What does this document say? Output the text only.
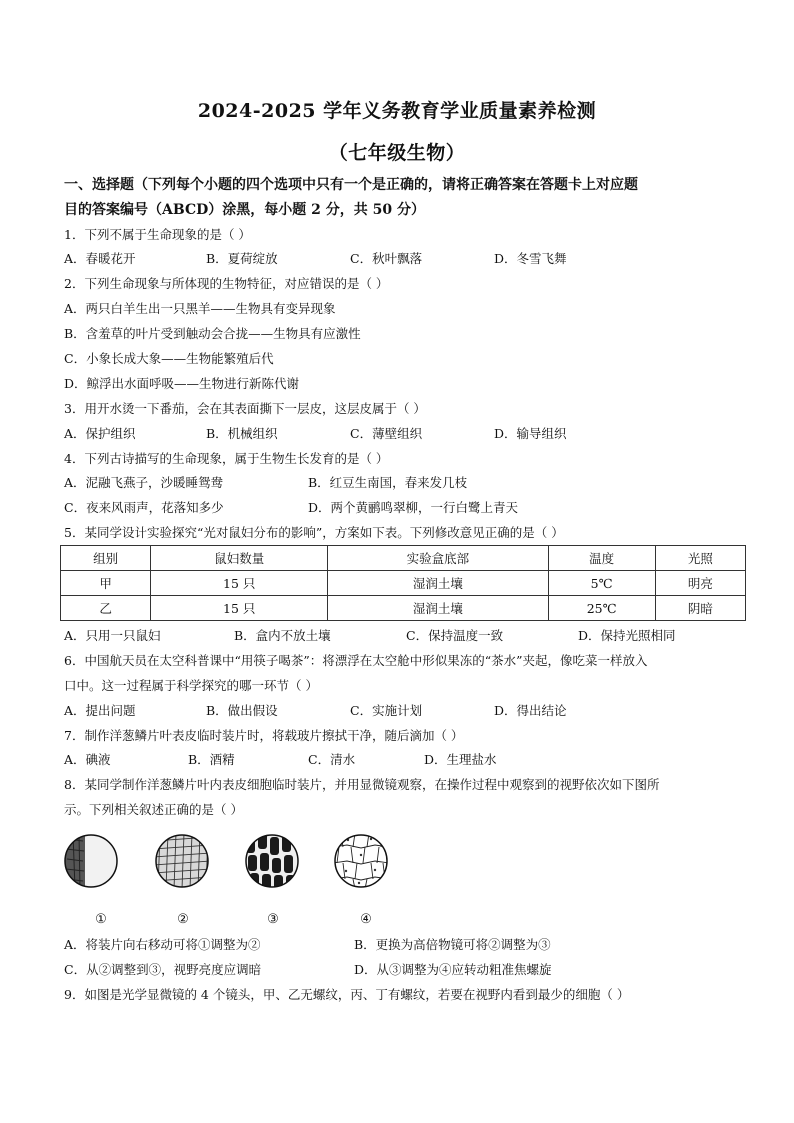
2024-2025 学年义务教育学业质量素养检测
（七年级生物）
一、选择题（下列每个小题的四个选项中只有一个是正确的，请将正确答案在答题卡上对应题
目的答案编号（ABCD）涂黑，每小题 2 分，共 50 分）
1．下列不属于生命现象的是（ ）
A．春暖花开	B．夏荷绽放	C．秋叶飘落	D．冬雪飞舞
2．下列生命现象与所体现的生物特征，对应错误的是（ ）
A．两只白羊生出一只黑羊——生物具有变异现象
B．含羞草的叶片受到触动会合拢——生物具有应激性
C．小象长成大象——生物能繁殖后代
D．鲸浮出水面呼吸——生物进行新陈代谢
3．用开水烫一下番茄，会在其表面撕下一层皮，这层皮属于（ ）
A．保护组织	B．机械组织	C．薄壁组织	D．输导组织
4．下列古诗描写的生命现象，属于生物生长发育的是（ ）
A．泥融飞燕子，沙暖睡鸳鸯	B．红豆生南国，春来发几枝
C．夜来风雨声，花落知多少	D．两个黄鹂鸣翠柳，一行白鹭上青天
5．某同学设计实验探究“光对鼠妇分布的影响”，方案如下表。下列修改意见正确的是（ ）
组别	鼠妇数量	实验盒底部	温度	光照
甲	15 只	湿润土壤	5℃	明亮
乙	15 只	湿润土壤	25℃	阴暗
A．只用一只鼠妇	B．盒内不放土壤	C．保持温度一致	D．保持光照相同
6．中国航天员在太空科普课中“用筷子喝茶”：将漂浮在太空舱中形似果冻的“茶水”夹起，像吃菜一样放入
口中。这一过程属于科学探究的哪一环节（ ）
A．提出问题	B．做出假设	C．实施计划	D．得出结论
7．制作洋葱鳞片叶表皮临时装片时，将载玻片擦拭干净，随后滴加（ ）
A．碘液	B．酒精	C．清水	D．生理盐水
8．某同学制作洋葱鳞片叶内表皮细胞临时装片，并用显微镜观察，在操作过程中观察到的视野依次如下图所
示。下列相关叙述正确的是（ ）
①	②	③	④
A．将装片向右移动可将①调整为②	B．更换为高倍物镜可将②调整为③
C．从②调整到③，视野亮度应调暗	D．从③调整为④应转动粗准焦螺旋
9．如图是光学显微镜的 4 个镜头，甲、乙无螺纹，丙、丁有螺纹，若要在视野内看到最少的细胞（ ）
